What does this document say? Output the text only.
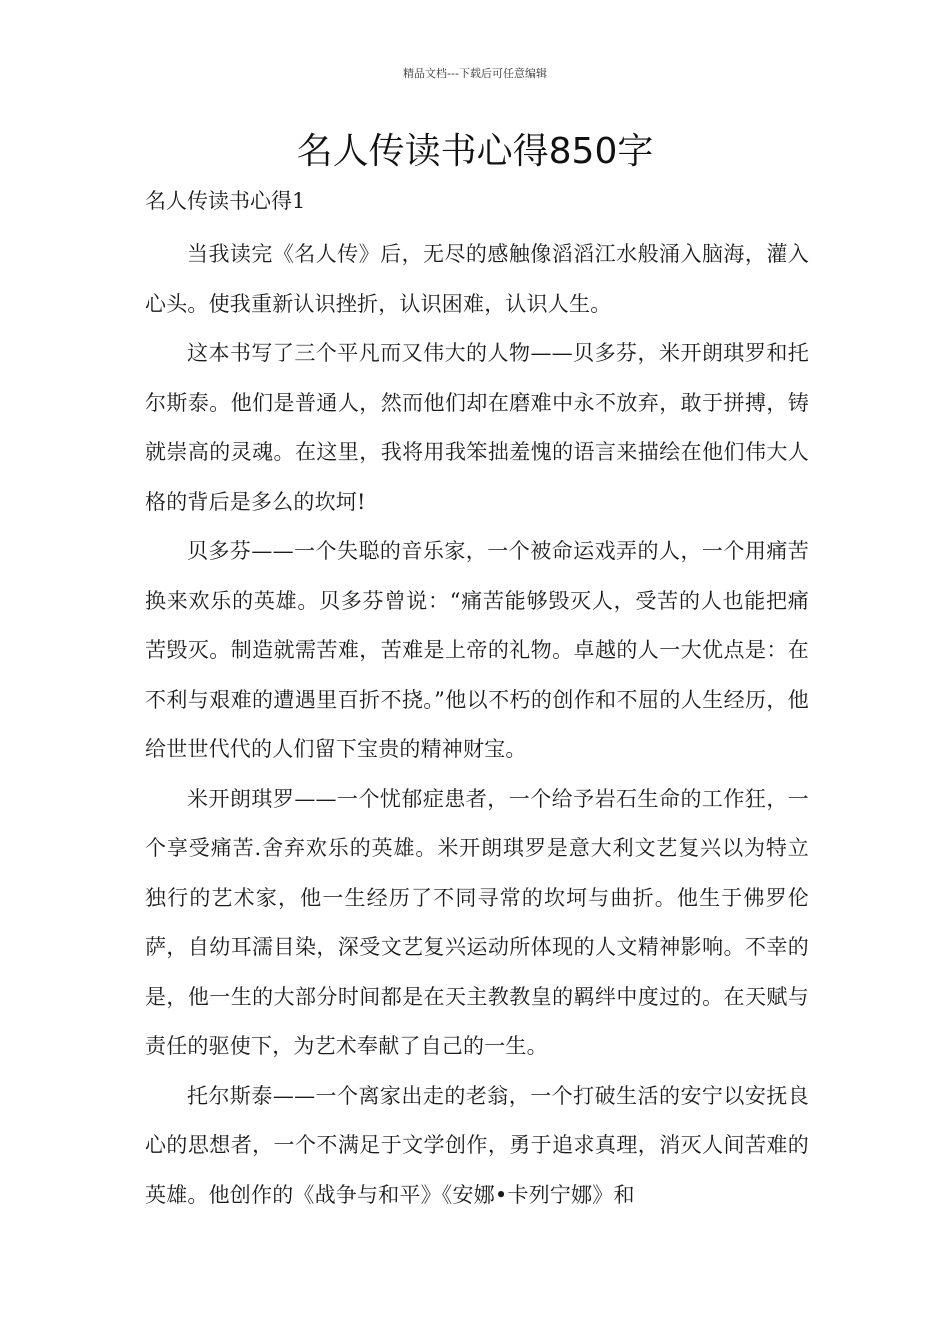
精品文档---下载后可任意编辑
名人传读书心得850字

名人传读书心得1

当我读完《名人传》后，无尽的感触像滔滔江水般涌入脑海，灌入心头。使我重新认识挫折，认识困难，认识人生。

这本书写了三个平凡而又伟大的人物——贝多芬，米开朗琪罗和托尔斯泰。他们是普通人，然而他们却在磨难中永不放弃，敢于拼搏，铸就崇高的灵魂。在这里，我将用我笨拙羞愧的语言来描绘在他们伟大人格的背后是多么的坎坷!

贝多芬——一个失聪的音乐家，一个被命运戏弄的人，一个用痛苦换来欢乐的英雄。贝多芬曾说：“痛苦能够毁灭人，受苦的人也能把痛苦毁灭。制造就需苦难，苦难是上帝的礼物。卓越的人一大优点是：在不利与艰难的遭遇里百折不挠。”他以不朽的创作和不屈的人生经历，他给世世代代的人们留下宝贵的精神财宝。

米开朗琪罗——一个忧郁症患者，一个给予岩石生命的工作狂，一个享受痛苦.舍弃欢乐的英雄。米开朗琪罗是意大利文艺复兴以为特立独行的艺术家，他一生经历了不同寻常的坎坷与曲折。他生于佛罗伦萨，自幼耳濡目染，深受文艺复兴运动所体现的人文精神影响。不幸的是，他一生的大部分时间都是在天主教教皇的羁绊中度过的。在天赋与责任的驱使下，为艺术奉献了自己的一生。

托尔斯泰——一个离家出走的老翁，一个打破生活的安宁以安抚良心的思想者，一个不满足于文学创作，勇于追求真理，消灭人间苦难的英雄。他创作的《战争与和平》《安娜•卡列宁娜》和
